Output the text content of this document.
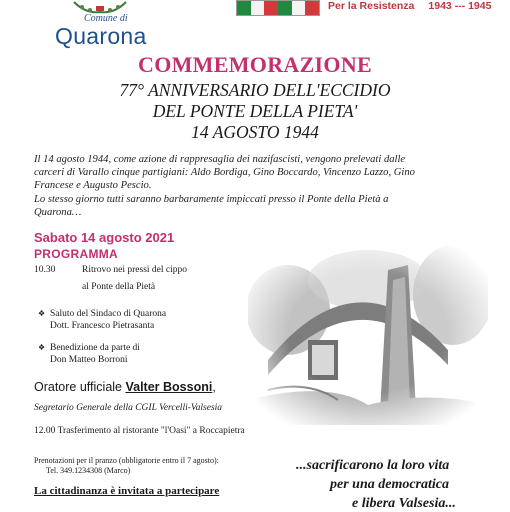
Comune di
Quarona
Per la Resistenza 1943 --- 1945
COMMEMORAZIONE
77° ANNIVERSARIO DELL'ECCIDIO
DEL PONTE DELLA PIETA'
14 AGOSTO 1944
Il 14 agosto 1944, come azione di rappresaglia dei nazifascisti, vengono prelevati dalle
carceri di Varallo cinque partigiani: Aldo Bordiga, Gino Boccardo, Vincenzo Lazzo, Gino
Francese e Augusto Pescio.
Lo stesso giorno tutti saranno barbaramente impiccati presso il Ponte della Pietà a
Quarona…
Sabato 14 agosto 2021
PROGRAMMA
10.30	Ritrovo nei pressi del cippo
al Ponte della Pietà
❖ Saluto del Sindaco di Quarona
Dott. Francesco Pietrasanta
❖ Benedizione da parte di
Don Matteo Borroni
Oratore ufficiale Valter Bossoni,
Segretario Generale della CGIL Vercelli-Valsesia
12.00 Trasferimento al ristorante "l'Oasi" a Roccapietra
Prenotazioni per il pranzo (obbligatorie entro il 7 agosto):
Tel. 349.1234308 (Marco)
La cittadinanza è invitata a partecipare
...sacrificarono la loro vita
per una democratica
e libera Valsesia...
